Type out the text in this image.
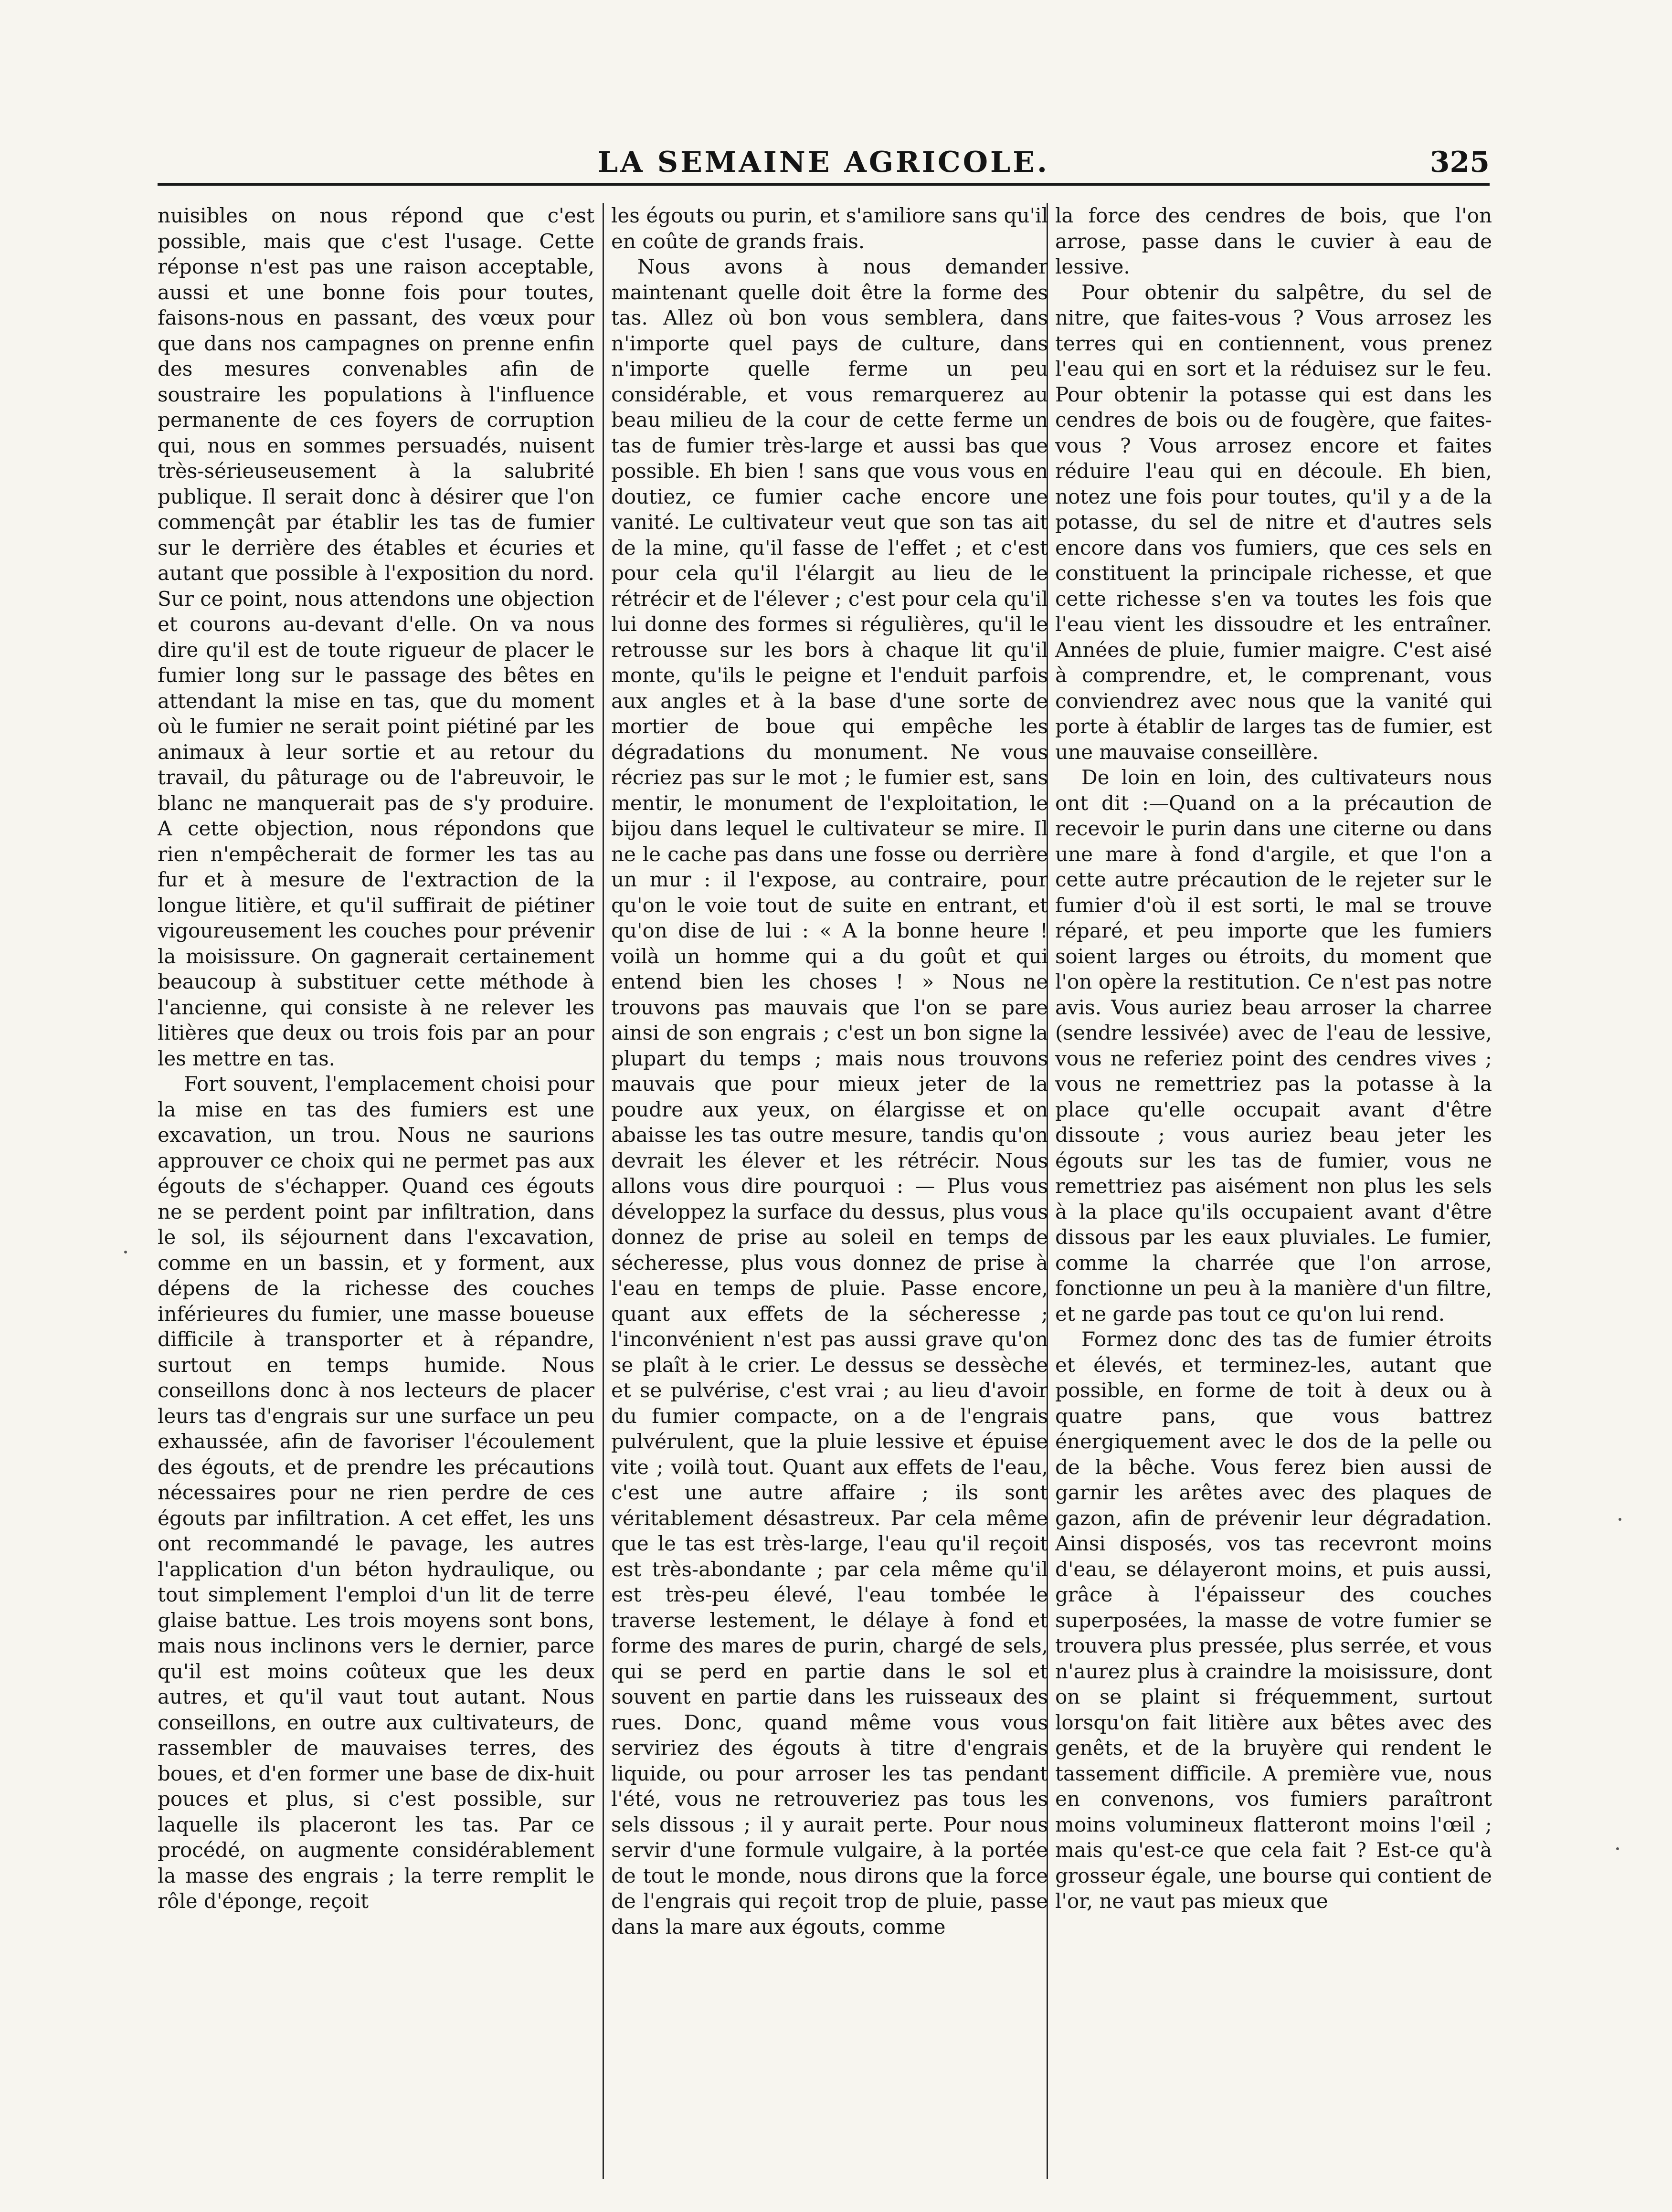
LA SEMAINE AGRICOLE.	325

nuisibles on nous répond que c'est possible, mais que c'est l'usage. Cette réponse n'est pas une raison acceptable, aussi et une bonne fois pour toutes, faisons-nous en passant, des vœux pour que dans nos campagnes on prenne enfin des mesures convenables afin de soustraire les populations à l'influence permanente de ces foyers de corruption qui, nous en sommes persuadés, nuisent très-sérieuseusement à la salubrité publique. Il serait donc à désirer que l'on commençât par établir les tas de fumier sur le derrière des étables et écuries et autant que possible à l'exposition du nord. Sur ce point, nous attendons une objection et courons au-devant d'elle. On va nous dire qu'il est de toute rigueur de placer le fumier long sur le passage des bêtes en attendant la mise en tas, que du moment où le fumier ne serait point piétiné par les animaux à leur sortie et au retour du travail, du pâturage ou de l'abreuvoir, le blanc ne manquerait pas de s'y produire. A cette objection, nous répondons que rien n'empêcherait de former les tas au fur et à mesure de l'extraction de la longue litière, et qu'il suffirait de piétiner vigoureusement les couches pour prévenir la moisissure. On gagnerait certainement beaucoup à substituer cette méthode à l'ancienne, qui consiste à ne relever les litières que deux ou trois fois par an pour les mettre en tas.

Fort souvent, l'emplacement choisi pour la mise en tas des fumiers est une excavation, un trou. Nous ne saurions approuver ce choix qui ne permet pas aux égouts de s'échapper. Quand ces égouts ne se perdent point par infiltration, dans le sol, ils séjournent dans l'excavation, comme en un bassin, et y forment, aux dépens de la richesse des couches inférieures du fumier, une masse boueuse difficile à transporter et à répandre, surtout en temps humide. Nous conseillons donc à nos lecteurs de placer leurs tas d'engrais sur une surface un peu exhaussée, afin de favoriser l'écoulement des égouts, et de prendre les précautions nécessaires pour ne rien perdre de ces égouts par infiltration. A cet effet, les uns ont recommandé le pavage, les autres l'application d'un béton hydraulique, ou tout simplement l'emploi d'un lit de terre glaise battue. Les trois moyens sont bons, mais nous inclinons vers le dernier, parce qu'il est moins coûteux que les deux autres, et qu'il vaut tout autant. Nous conseillons, en outre aux cultivateurs, de rassembler de mauvaises terres, des boues, et d'en former une base de dix-huit pouces et plus, si c'est possible, sur laquelle ils placeront les tas. Par ce procédé, on augmente considérablement la masse des engrais ; la terre remplit le rôle d'éponge, reçoit

les égouts ou purin, et s'amiliore sans qu'il en coûte de grands frais.

Nous avons à nous demander maintenant quelle doit être la forme des tas. Allez où bon vous semblera, dans n'importe quel pays de culture, dans n'importe quelle ferme un peu considérable, et vous remarquerez au beau milieu de la cour de cette ferme un tas de fumier très-large et aussi bas que possible. Eh bien ! sans que vous vous en doutiez, ce fumier cache encore une vanité. Le cultivateur veut que son tas ait de la mine, qu'il fasse de l'effet ; et c'est pour cela qu'il l'élargit au lieu de le rétrécir et de l'élever ; c'est pour cela qu'il lui donne des formes si régulières, qu'il le retrousse sur les bors à chaque lit qu'il monte, qu'ils le peigne et l'enduit parfois aux angles et à la base d'une sorte de mortier de boue qui empêche les dégradations du monument. Ne vous récriez pas sur le mot ; le fumier est, sans mentir, le monument de l'exploitation, le bijou dans lequel le cultivateur se mire. Il ne le cache pas dans une fosse ou derrière un mur : il l'expose, au contraire, pour qu'on le voie tout de suite en entrant, et qu'on dise de lui : « A la bonne heure ! voilà un homme qui a du goût et qui entend bien les choses ! » Nous ne trouvons pas mauvais que l'on se pare ainsi de son engrais ; c'est un bon signe la plupart du temps ; mais nous trouvons mauvais que pour mieux jeter de la poudre aux yeux, on élargisse et on abaisse les tas outre mesure, tandis qu'on devrait les élever et les rétrécir. Nous allons vous dire pourquoi : — Plus vous développez la surface du dessus, plus vous donnez de prise au soleil en temps de sécheresse, plus vous donnez de prise à l'eau en temps de pluie. Passe encore, quant aux effets de la sécheresse ; l'inconvénient n'est pas aussi grave qu'on se plaît à le crier. Le dessus se dessèche et se pulvérise, c'est vrai ; au lieu d'avoir du fumier compacte, on a de l'engrais pulvérulent, que la pluie lessive et épuise vite ; voilà tout. Quant aux effets de l'eau, c'est une autre affaire ; ils sont véritablement désastreux. Par cela même que le tas est très-large, l'eau qu'il reçoit est très-abondante ; par cela même qu'il est très-peu élevé, l'eau tombée le traverse lestement, le délaye à fond et forme des mares de purin, chargé de sels, qui se perd en partie dans le sol et souvent en partie dans les ruisseaux des rues. Donc, quand même vous vous serviriez des égouts à titre d'engrais liquide, ou pour arroser les tas pendant l'été, vous ne retrouveriez pas tous les sels dissous ; il y aurait perte. Pour nous servir d'une formule vulgaire, à la portée de tout le monde, nous dirons que la force de l'engrais qui reçoit trop de pluie, passe dans la mare aux égouts, comme

la force des cendres de bois, que l'on arrose, passe dans le cuvier à eau de lessive.

Pour obtenir du salpêtre, du sel de nitre, que faites-vous ? Vous arrosez les terres qui en contiennent, vous prenez l'eau qui en sort et la réduisez sur le feu. Pour obtenir la potasse qui est dans les cendres de bois ou de fougère, que faites-vous ? Vous arrosez encore et faites réduire l'eau qui en découle. Eh bien, notez une fois pour toutes, qu'il y a de la potasse, du sel de nitre et d'autres sels encore dans vos fumiers, que ces sels en constituent la principale richesse, et que cette richesse s'en va toutes les fois que l'eau vient les dissoudre et les entraîner. Années de pluie, fumier maigre. C'est aisé à comprendre, et, le comprenant, vous conviendrez avec nous que la vanité qui porte à établir de larges tas de fumier, est une mauvaise conseillère.

De loin en loin, des cultivateurs nous ont dit :—Quand on a la précaution de recevoir le purin dans une citerne ou dans une mare à fond d'argile, et que l'on a cette autre précaution de le rejeter sur le fumier d'où il est sorti, le mal se trouve réparé, et peu importe que les fumiers soient larges ou étroits, du moment que l'on opère la restitution. Ce n'est pas notre avis. Vous auriez beau arroser la charree (sendre lessivée) avec de l'eau de lessive, vous ne referiez point des cendres vives ; vous ne remettriez pas la potasse à la place qu'elle occupait avant d'être dissoute ; vous auriez beau jeter les égouts sur les tas de fumier, vous ne remettriez pas aisément non plus les sels à la place qu'ils occupaient avant d'être dissous par les eaux pluviales. Le fumier, comme la charrée que l'on arrose, fonctionne un peu à la manière d'un filtre, et ne garde pas tout ce qu'on lui rend.

Formez donc des tas de fumier étroits et élevés, et terminez-les, autant que possible, en forme de toit à deux ou à quatre pans, que vous battrez énergiquement avec le dos de la pelle ou de la bêche. Vous ferez bien aussi de garnir les arêtes avec des plaques de gazon, afin de prévenir leur dégradation. Ainsi disposés, vos tas recevront moins d'eau, se délayeront moins, et puis aussi, grâce à l'épaisseur des couches superposées, la masse de votre fumier se trouvera plus pressée, plus serrée, et vous n'aurez plus à craindre la moisissure, dont on se plaint si fréquemment, surtout lorsqu'on fait litière aux bêtes avec des genêts, et de la bruyère qui rendent le tassement difficile. A première vue, nous en convenons, vos fumiers paraîtront moins volumineux flatteront moins l'œil ; mais qu'est-ce que cela fait ? Est-ce qu'à grosseur égale, une bourse qui contient de l'or, ne vaut pas mieux que
